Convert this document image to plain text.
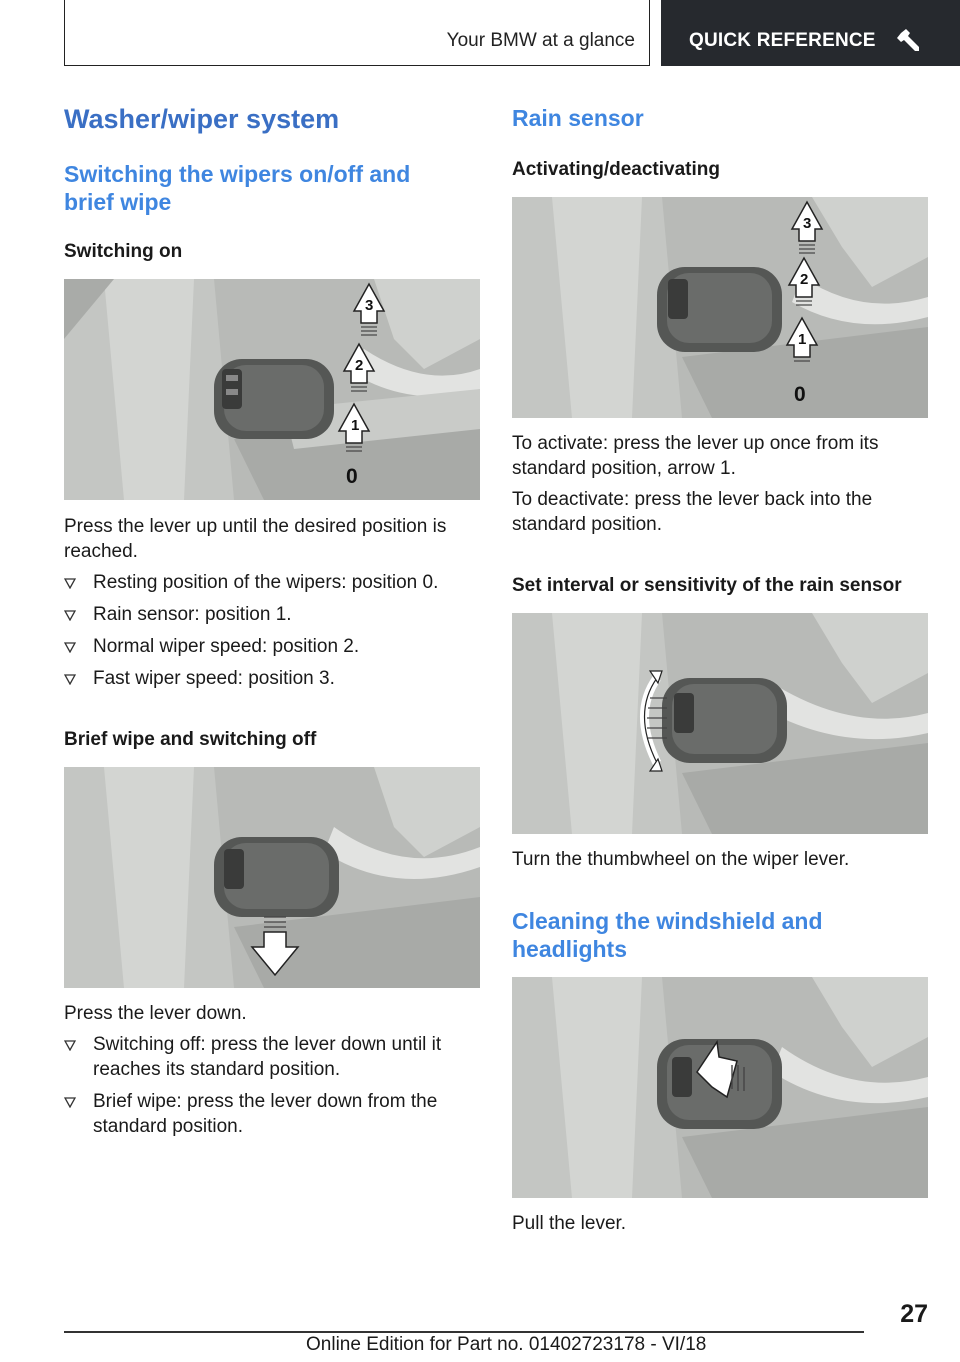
Your BMW at a glance	QUICK REFERENCE
Washer/wiper system
Switching the wipers on/off and brief wipe
Switching on
3
2
1
0
Press the lever up until the desired position is reached.
Resting position of the wipers: position 0.
Rain sensor: position 1.
Normal wiper speed: position 2.
Fast wiper speed: position 3.
Brief wipe and switching off
Press the lever down.
Switching off: press the lever down until it reaches its standard position.
Brief wipe: press the lever down from the standard position.
Rain sensor
Activating/deactivating
3
2
1
0
To activate: press the lever up once from its standard position, arrow 1.
To deactivate: press the lever back into the standard position.
Set interval or sensitivity of the rain sensor
Turn the thumbwheel on the wiper lever.
Cleaning the windshield and headlights
Pull the lever.
27
Online Edition for Part no. 01402723178 - VI/18
